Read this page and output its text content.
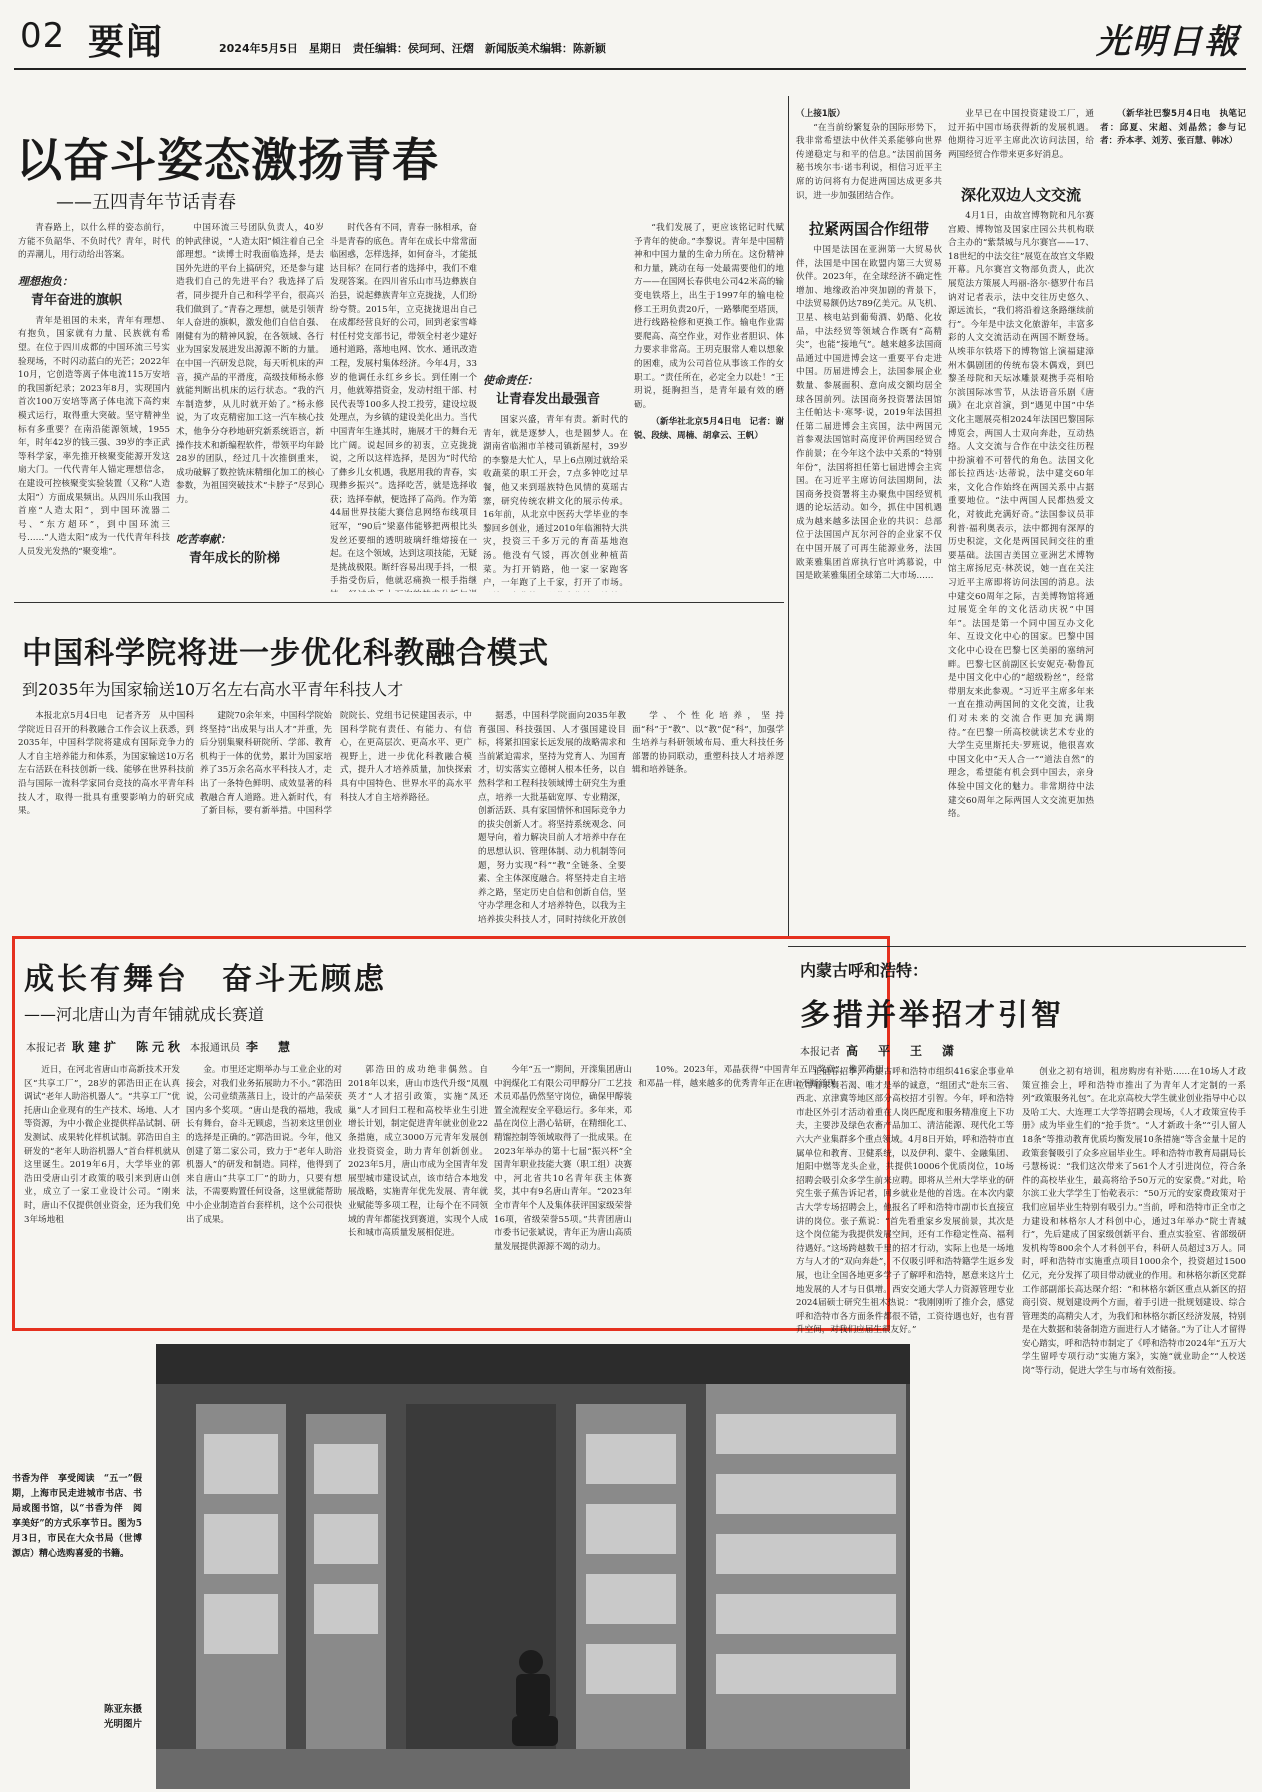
02 要闻	2024年5月5日　星期日　责任编辑：侯珂珂、汪熠　新闻版美术编辑：陈新颖	光明日報
以奋斗姿态激扬青春
——五四青年节话青春

青春路上，以什么样的姿态前行，方能不负韶华、不负时代？青年，时代的弄潮儿，用行动给出答案。

理想抱负：

青年奋进的旗帜

青年是祖国的未来，青年有理想、有抱负，国家就有力量、民族就有希望。在位于四川成都的中国环流三号实验现场，不时闪动蓝白的光芒；2022年10月，它创造等离子体电流115万安培的我国新纪录；2023年8月，实现国内首次100万安培等离子体电流下高约束模式运行，取得重大突破。坚守精神坐标有多重要？在南沿能源领域，1955年，时年42岁的钱三强、39岁的李正武等科学家，率先推开核聚变能源开发这扇大门。一代代青年人锚定理想信念，在建设可控核聚变实验装置（又称“人造太阳”）方面成果频出。从四川乐山我国首座“人造太阳”，到中国环流器二号、“东方超环”，到中国环流三号……“人造太阳”成为一代代青年科技人员发光发热的“聚变堆”。

中国环流三号团队负责人，40岁的钟武律说，“人造太阳”倾注着自己全部理想。“读博士时我面临选择，是去国外先进的平台上搞研究，还是参与建造我们自己的先进平台？我选择了后者，同步提升自己和科学平台，很高兴我们做到了。”青春之理想，就是引领青年人奋进的旗帜，激发他们自信自强、刚健有为的精神风貌，在各领域、各行业为国家发展进发出源源不断的力量。在中国一汽研发总院，每天听机床的声音，摸产品的平滑度，高级技师杨永修就能判断出机床的运行状态。“我的汽车制造梦，从儿时就开始了。”杨永修说，为了攻克精密加工这一汽车核心技术，他争分夺秒地研究新系统语言，新操作技术和新编程软件，带领平均年龄28岁的团队，经过几十次推倒重来，成功破解了数控铣床精细化加工的核心参数，为祖国突破技术“卡脖子”尽到心力。

吃苦奉献：

青年成长的阶梯

时代各有不同，青春一脉相承，奋斗是青春的底色。青年在成长中常常面临困惑，怎样选择，如何奋斗，才能抵达目标？在同行者的选择中，我们不难发现答案。在四川省乐山市马边彝族自治县，说起彝族青年立克拢拢，人们纷纷夸赞。2015年，立克拢拢退出自己在成都经营良好的公司，回到老家雪峰村任村党支部书记，带领全村老少建好通村道路，落地电网、饮水、通讯改造工程，发展村集体经济。今年4月，33岁的他调任永红乡乡长。到任刚一个月，他就筹措资金，发动村组干部、村民代表等100多人投工投劳，建设垃圾处理点，为乡镇的建设美化出力。当代中国青年生逢其时，施展才干的舞台无比广阔。说起回乡的初衷，立克拢拢说，之所以这样选择，是因为“时代给了彝乡儿女机遇，我愿用我的青春，实现彝乡振兴”。选择吃苦，就是选择收获；选择奉献，便选择了高尚。作为第44届世界技能大赛信息网络布线项目冠军，“90后”梁嘉伟能够把两根比头发丝还要细的透明玻璃纤维熔接在一起。在这个领域，达到这项技能，无疑是挑战极限。断纤容易出现手抖，一根手指受伤后，他就忍痛换一根手指继

使命责任：

让青春发出最强音

国家兴盛，青年有责。新时代的青年，就是逐梦人，也是圆梦人。在湖南省临湘市羊楼司镇新屋村，39岁的李黎是大忙人，早上6点刚过就给采收蔬菜的职工开会，7点多钟吃过早餐，他又来到瑶族特色风情的莫瑶古寨，研究传统农耕文化的展示传承。16年前，从北京中医药大学毕业的李黎回乡创业，通过2010年临湘特大洪灾，投资三千多万元的育苗基地泡汤。他没有气馁，再次创业种植苗菜。为打开销路，他一家一家跑客户，一年跑了上千家，打开了市场。

“我们发展了，更应该铭记时代赋予青年的使命。”李黎说。青年是中国精神和中国力量的生命力所在。这份精神和力量，跳动在每一处最需要他们的地方——在国网长春供电公司42米高的输变电铁塔上，出生于1997年的输电检修工王玥负责20斤，一路攀爬至塔顶，进行线路检修和更换工作。输电作业需要爬高、高空作业，对作业者胆识、体力要求非常高。王玥克服常人难以想象的困难，成为公司首位从事该工作的女职工。“责任所在，必定全力以赴！”王玥说，挺胸担当，是青年最有效的磨砺。

（新华社北京5月4日电　记者：谢锐、段续、周楠、胡拿云、王帆）

中国科学院将进一步优化科教融合模式
到2035年为国家输送10万名左右高水平青年科技人才

本报北京5月4日电　记者齐芳　从中国科学院近日召开的科教融合工作会议上获悉，到2035年，中国科学院将建成有国际竞争力的人才自主培养能力和体系，为国家输送10万名左右活跃在科技创新一线、能够在世界科技前沿与国际一流科学家同台竞技的高水平青年科技人才，取得一批具有重要影响力的研究成果。

建院70余年来，中国科学院始终坚持“出成果与出人才”并重，先后分别集聚科研院所、学部、教育机构于一体的优势，累计为国家培养了35万余名高水平科技人才，走出了一条特色鲜明、成效显著的科教融合育人道路。进入新时代，有了新目标，要有新举措。中国科学院院长、党组书记侯建国表示，中国科学院有责任、有能力、有信心，在更高层次、更高水平、更广视野上，进一步优化科教融合模式，提升人才培养质量，加快探索具有中国特色、世界水平的高水平科技人才自主培养路径。

据悉，中国科学院面向2035年教育强国、科技强国、人才强国建设目标，将紧扣国家长远发展的战略需求和当前紧迫需求，坚持为党育人、为国育才，切实落实立德树人根本任务，以自然科学和工程科技领域博士研究生为重点，培养一大批基础宽厚、专业精深，创新活跃、具有家国情怀和国际竞争力的拔尖创新人才。将坚持系统观念、问题导向，着力解决目前人才培养中存在的思想认识、管理体制、动力机制等问题，努力实现“科”“教”全链条、全要素、全主体深度融合。将坚持走自主培养之路，坚定历史自信和创新自信，坚守办学理念和人才培养特色，以我为主培养拔尖科技人才，同时持续化开放创

学、个性化培养，坚持面“科”于“教”、以“教”促“科”，加强学生培养与科研领域布局、重大科技任务部署的协同联动，重塑科技人才培养逻辑和培养链条。

成长有舞台　奋斗无顾虑
——河北唐山为青年铺就成长赛道
本报记者 耿建扩　陈元秋 本报通讯员 李　慧

近日，在河北省唐山市高新技术开发区“共享工厂”，28岁的郭浩田正在认真调试“老年人助浴机器人”。“共享工厂”优托唐山企业现有的生产技术、场地、人才等资源，为中小微企业提供样品试制、研发测试、成果转化样机试制。郭浩田自主研发的“老年人助浴机器人”首台样机就从这里诞生。2019年6月，大学毕业的郭浩田受唐山引才政策的吸引来到唐山创业，成立了一家工业设计公司。“刚来时，唐山不仅提供创业资金，还为我们免3年场地租

金。市里还定期举办与工业企业的对接会，对我们业务拓展助力不小。”郭浩田说，公司业绩蒸蒸日上，设计的产品荣获国内多个奖项。“唐山是我的福地，我成长有舞台，奋斗无顾虑，当初来这里创业的选择是正确的。”郭浩田说。今年，他又创建了第二家公司，致力于“老年人助浴机器人”的研发和制造。同样，他得到了来自唐山“共享工厂”的助力，只要有想法，不需要购置任何设备，这里就能帮助中小企业制造首台套样机，这个公司很快出了成果。

郭浩田的成功绝非偶然。自2018年以来，唐山市迭代升级“凤凰英才”人才招引政策，实施“凤还巢”人才回归工程和高校毕业生引进增长计划，制定促进青年就业创业22条措施，成立3000万元青年发展创业投资资金，助力青年创新创业。2023年5月，唐山市成为全国青年发展型城市建设试点，该市结合本地发展战略，实施青年优先发展、青年就业赋能等多项工程，让每个在不同领域的青年都能找到赛道，实现个人成长和城市高质量发展相促进。

今年“五一”期间，开滦集团唐山中润煤化工有限公司甲醇分厂工艺技术员邓晶仍然坚守岗位，确保甲醇装置全流程安全平稳运行。多年来，邓晶在岗位上潜心钻研，在精细化工、精馏控制等领域取得了一批成果。在2023年举办的第十七届“振兴杯”全国青年职业技能大赛（职工组）决赛中，河北省共10名青年获主体赛奖，其中有9名唐山青年。“2023年全市青年个人及集体获评国家级荣誉16项，省级荣誉55项。”共青团唐山市委书记张斌说，青年正为唐山高质量发展提供源源不竭的动力。

10%。2023年，邓晶获得“中国青年五四奖章”。像郭浩田和邓晶一样，越来越多的优秀青年正在唐山不断涌现。

书香为伴　享受阅读　“五一”假期，上海市民走进城市书店、书局或图书馆，以“书香为伴　阅享美好”的方式乐享节日。图为5月3日，市民在大众书局（世博源店）精心选购喜爱的书籍。
陈亚东摄
光明图片

（上接1版）

“在当前纷繁复杂的国际形势下，我非常希望法中伙伴关系能够向世界传递稳定与和平的信息。”法国前国务秘书埃尔韦·诺韦利说，相信习近平主席的访问将有力促进两国达成更多共识，进一步加强团结合作。

拉紧两国合作纽带

中国是法国在亚洲第一大贸易伙伴，法国是中国在欧盟内第三大贸易伙伴。2023年，在全球经济不确定性增加、地缘政治冲突加剧的背景下，中法贸易额仍达789亿美元。从飞机、卫星、核电站到葡萄酒、奶酪、化妆品，中法经贸等领域合作既有“高精尖”，也能“接地气”。越来越多法国商品通过中国进博会这一重要平台走进中国。历届进博会上，法国参展企业数量、参展面积、意向成交额均居全球各国前列。法国商务投资署法国馆主任帕达卡·寒琴·说，2019年法国担任第二届进博会主宾国，法中两国元首参观法国馆时高度评价两国经贸合作前景；在今年这个法中关系的“特别年份”，法国将担任第七届进博会主宾国。在习近平主席访问法国期间，法国商务投资署将主办聚焦中国经贸机遇的论坛活动。如今，抓住中国机遇成为越来越多法国企业的共识：总部位于法国国卢瓦尔河谷的企业家不仅在中国开展了可再生能源业务，法国欧莱雅集团首席执行官叶鸿慕说，中国是欧莱雅集团全球第二大市场……

业早已在中国投资建设工厂，通过开拓中国市场获得新的发展机遇。他期待习近平主席此次访问法国，给两国经贸合作带来更多好消息。

深化双边人文交流

4月1日，由故宫博物院和凡尔赛宫殿、博物馆及国家庄园公共机构联合主办的“紫禁城与凡尔赛宫——17、18世纪的中法交往”展览在故宫文华殿开幕。凡尔赛宫文物部负责人，此次展览法方策展人玛丽-洛尔·德罗什布吕讷对记者表示，法中交往历史悠久、源远流长，“我们将沿着这条路继续前行”。今年是中法文化旅游年，丰富多彩的人文交流活动在两国不断登场。从埃菲尔铁塔下的博物馆上演福建漳州木偶剧团的传统布袋木偶戏，到巴黎圣母院和天坛冰雕景观携手亮相哈尔滨国际冰雪节，从法语音乐剧《唐璜》在北京首演，到“遇见中国”中华文化主题展亮相2024年法国巴黎国际博览会，两国人士双向奔赴，互动热络。人文交流与合作在中法交往历程中扮演着不可替代的角色。法国文化部长拉西达·达蒂说，法中建交60年来，文化合作始终在两国关系中占据重要地位。“法中两国人民都热爱文化，对彼此充满好奇。”法国参议员菲利普·福利奥表示，法中都拥有深厚的历史积淀，文化是两国民间交往的重要基础。法国吉美国立亚洲艺术博物馆主席扬尼克·林茨说，她一直在关注习近平主席即将访问法国的消息。法中建交60周年之际，吉美博物馆将通过展览全年的文化活动庆祝“中国年”。法国是第一个同中国互办文化年、互设文化中心的国家。巴黎中国文化中心设在巴黎七区美丽的塞纳河畔。巴黎七区前副区长安妮克·勒鲁瓦是中国文化中心的“超级粉丝”，经常带朋友来此参观。“习近平主席多年来一直在推动两国间的文化交流，让我们对未来的交流合作更加充满期待。”在巴黎一所高校就读艺术专业的大学生克里斯托夫·罗班说，他很喜欢中国文化中“天人合一”“道法自然”的理念，希望能有机会到中国去，亲身体验中国文化的魅力。非常期待中法建交60周年之际两国人文交流更加热络。

（新华社巴黎5月4日电　执笔记者：邱夏、宋超、刘晶然；参与记者：乔本孝、刘芳、张百慧、韩冰）

内蒙古呼和浩特：
多措并举招才引智
本报记者 高　平　王　潇

正值春招季，内蒙古呼和浩特市组织416家企事业单位带着求贤若渴、唯才是举的诚意，“组团式”赴东三省、西北、京津冀等地区部分高校招才引智。今年，呼和浩特市赴区外引才活动着重在人岗匹配度和服务精准度上下功夫，主要涉及绿色农畜产品加工、清洁能源、现代化工等六大产业集群多个重点领域。4月8日开始，呼和浩特市直属单位和教育、卫健系统，以及伊利、蒙牛、金融集团、旭阳中燃等龙头企业，共提供10006个优质岗位，10场招聘会吸引众多学生前来应聘。即将从兰州大学毕业的研究生张子蕉告诉记者，回乡就业是他的首选。在本次内蒙古大学专场招聘会上，他报名了呼和浩特市副市长直接宣讲的岗位。张子蕉说：“首先看重家乡发展前景，其次是这个岗位能为我提供发展空间，还有工作稳定性高、福利待遇好。”这场跨越数千里的招才行动，实际上也是一场地方与人才的“双向奔赴”，不仅吸引呼和浩特籍学生返乡发展，也让全国各地更多学子了解呼和浩特，愿意来这片土地发展的人才与日俱增。西安交通大学人力资源管理专业2024届硕士研究生祖木热说：“我刚刚听了推介会，感觉呼和浩特市各方面条件都很不错，工资待遇也好，也有晋升空间，对我们应届生很友好。”

创业之初有培训，租房购房有补贴……在10场人才政策宣推会上，呼和浩特市推出了为青年人才定制的一系列“政策服务礼包”。在北京高校大学生就业创业指导中心以及哈工大、大连理工大学等招聘会现场，《人才政策宣传手册》成为毕业生们的“抢手货”。“人才新政十条”“引人留人18条”等推动教育优质均衡发展10条措施“等含金量十足的政策套餐吸引了众多应届毕业生。呼和浩特市教育局副局长弓慧杨说：“我们这次带来了561个人才引进岗位，符合条件的高校毕业生，最高将给予50万元的安家费。”对此，哈尔滨工业大学学生丁怡乾表示：“50万元的安家费政策对于我们应届毕业生特别有吸引力。”当前，呼和浩特市正全市之力建设和林格尔人才科创中心，通过3年举办“院士青城行”，先后建成了国家级创新平台、重点实验室、省部级研发机构等800余个人才科创平台，科研人员超过3万人。同时，呼和浩特市实施重点项目1000余个，投资超过1500亿元，充分发挥了项目带动就业的作用。和林格尔新区党群工作部副部长高达琛介绍：“和林格尔新区重点从新区的招商引资、规划建设两个方面，着手引进一批规划建设、综合管理类的高精尖人才，为我们和林格尔新区经济发展，特别是在大数据和装备制造方面进行人才储备。”为了让人才留得安心踏实，呼和浩特市制定了《呼和浩特市2024年“五万大学生留呼专项行动”实施方案》，实施“就业助企”“人校送岗”等行动，促进大学生与市场有效衔接。
